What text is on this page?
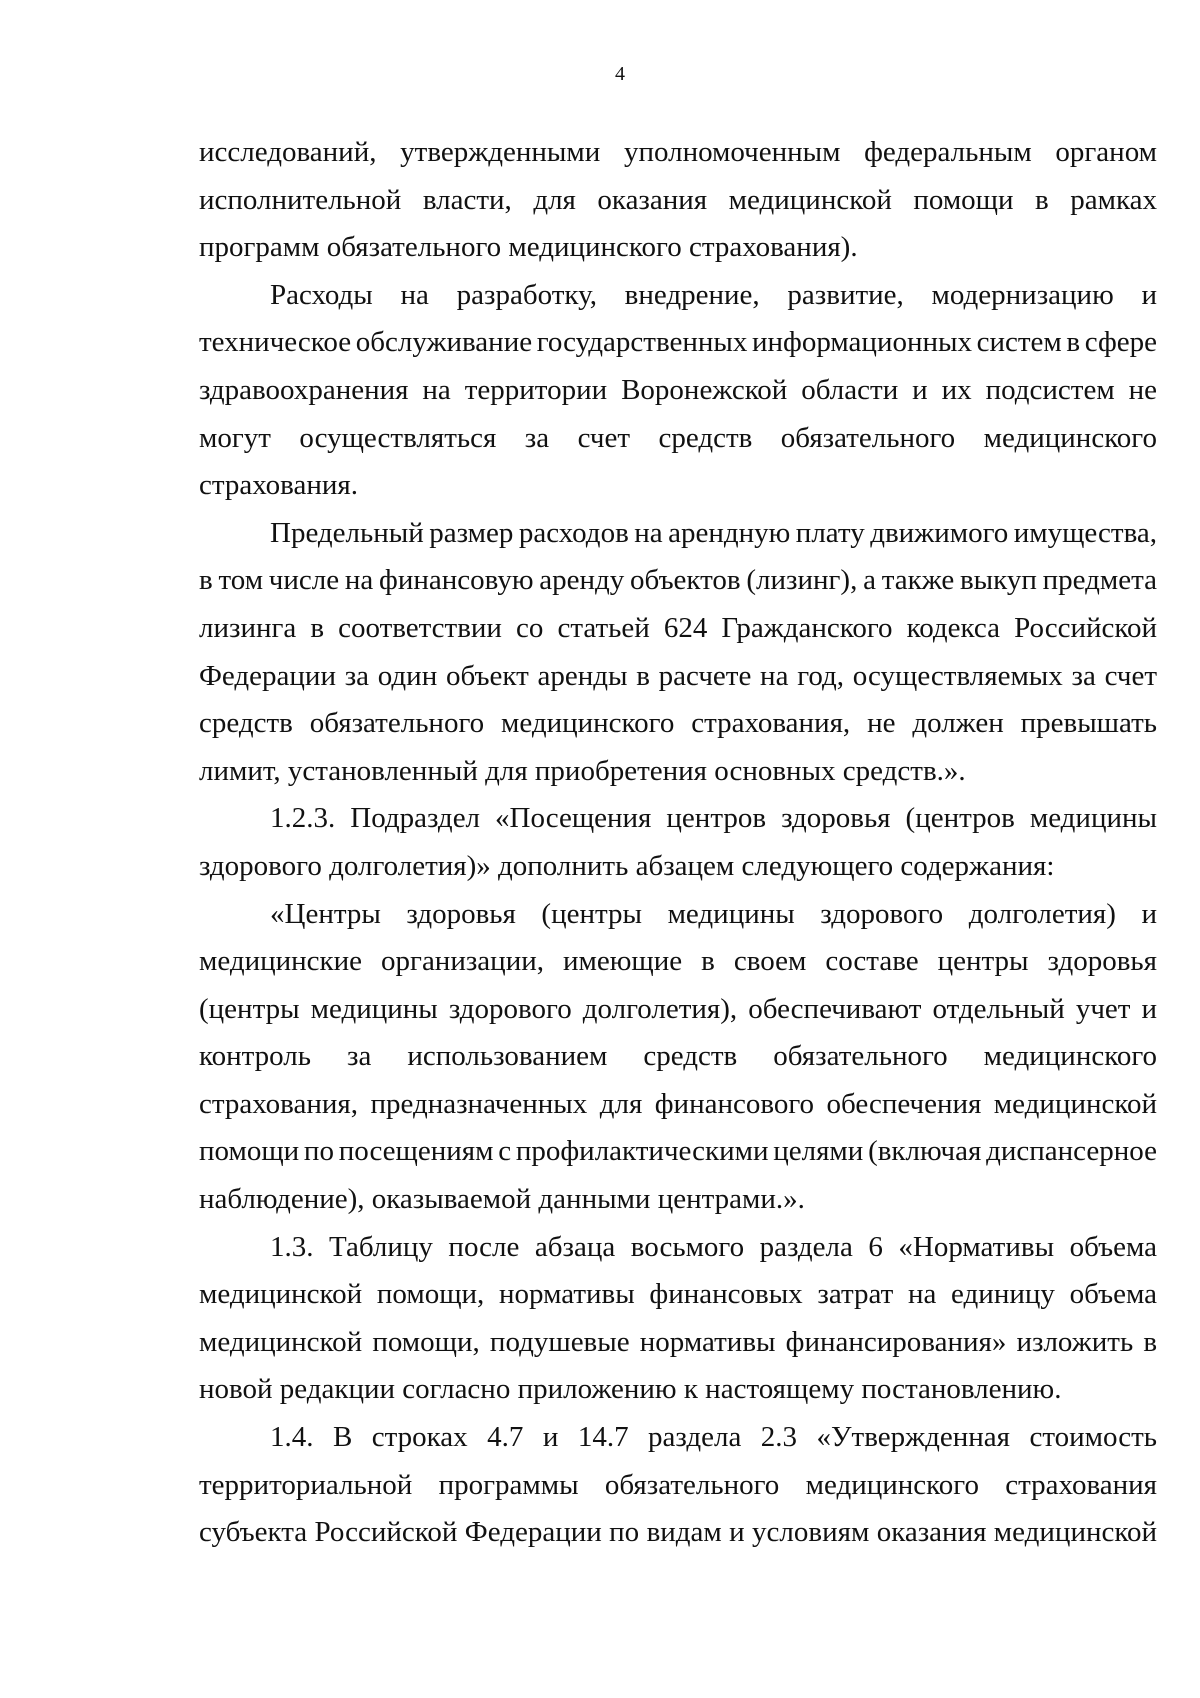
4

исследований, утвержденными уполномоченным федеральным органом
исполнительной власти, для оказания медицинской помощи в рамках
программ обязательного медицинского страхования).

Расходы на разработку, внедрение, развитие, модернизацию и
техническое обслуживание государственных информационных систем в сфере
здравоохранения на территории Воронежской области и их подсистем не
могут осуществляться за счет средств обязательного медицинского
страхования.

Предельный размер расходов на арендную плату движимого имущества,
в том числе на финансовую аренду объектов (лизинг), а также выкуп предмета
лизинга в соответствии со статьей 624 Гражданского кодекса Российской
Федерации за один объект аренды в расчете на год, осуществляемых за счет
средств обязательного медицинского страхования, не должен превышать
лимит, установленный для приобретения основных средств.».

1.2.3. Подраздел «Посещения центров здоровья (центров медицины
здорового долголетия)» дополнить абзацем следующего содержания:

«Центры здоровья (центры медицины здорового долголетия) и
медицинские организации, имеющие в своем составе центры здоровья
(центры медицины здорового долголетия), обеспечивают отдельный учет и
контроль за использованием средств обязательного медицинского
страхования, предназначенных для финансового обеспечения медицинской
помощи по посещениям с профилактическими целями (включая диспансерное
наблюдение), оказываемой данными центрами.».

1.3. Таблицу после абзаца восьмого раздела 6 «Нормативы объема
медицинской помощи, нормативы финансовых затрат на единицу объема
медицинской помощи, подушевые нормативы финансирования» изложить в
новой редакции согласно приложению к настоящему постановлению.

1.4. В строках 4.7 и 14.7 раздела 2.3 «Утвержденная стоимость
территориальной программы обязательного медицинского страхования
субъекта Российской Федерации по видам и условиям оказания медицинской
